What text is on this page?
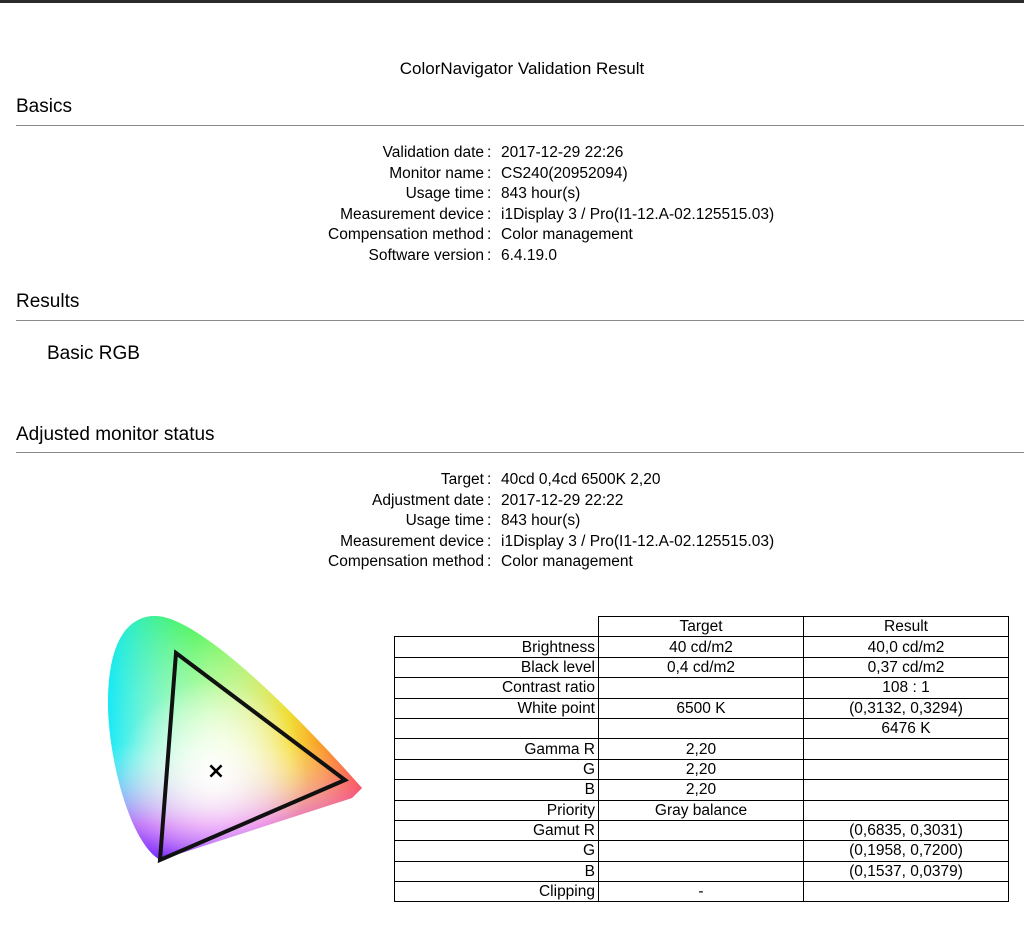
ColorNavigator Validation Result
Basics
Validation date : 2017-12-29 22:26
Monitor name : CS240(20952094)
Usage time : 843 hour(s)
Measurement device : i1Display 3 / Pro(I1-12.A-02.125515.03)
Compensation method : Color management
Software version : 6.4.19.0
Results
Basic RGB
Adjusted monitor status
Target : 40cd 0,4cd 6500K 2,20
Adjustment date : 2017-12-29 22:22
Usage time : 843 hour(s)
Measurement device : i1Display 3 / Pro(I1-12.A-02.125515.03)
Compensation method : Color management
×
	Target	Result
Brightness	40 cd/m2	40,0 cd/m2
Black level	0,4 cd/m2	0,37 cd/m2
Contrast ratio		108 : 1
White point	6500 K	(0,3132, 0,3294)
		6476 K
Gamma R	2,20	
G	2,20	
B	2,20	
Priority	Gray balance	
Gamut R		(0,6835, 0,3031)
G		(0,1958, 0,7200)
B		(0,1537, 0,0379)
Clipping	-	
